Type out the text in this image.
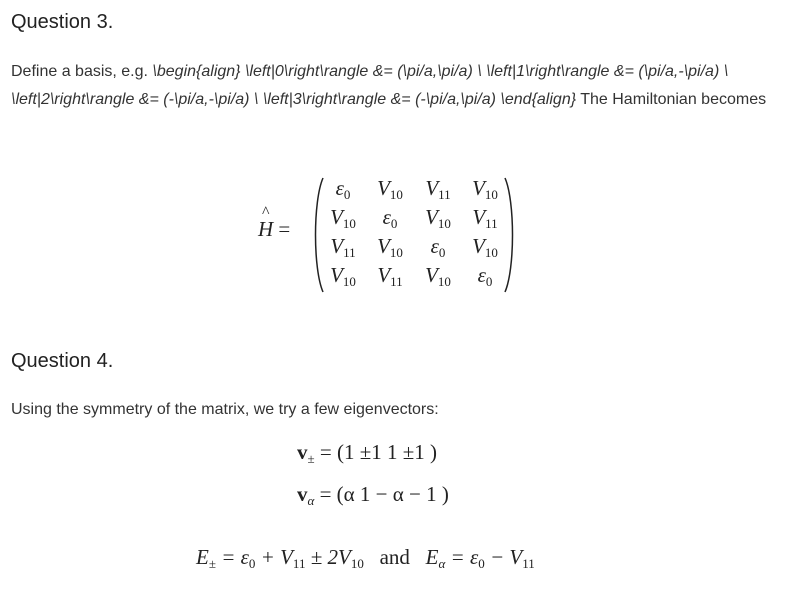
Question 3.

Define a basis, e.g. \begin{align} \left|0\right\rangle &= (\pi/a,\pi/a) \ \left|1\right\rangle &= (\pi/a,-\pi/a) \ \left|2\right\rangle &= (-\pi/a,-\pi/a) \ \left|3\right\rangle &= (-\pi/a,\pi/a) \end{align} The Hamiltonian becomes

^
H =
ε0	V10	V11	V10
V10	ε0	V10	V11
V11	V10	ε0	V10
V10	V11	V10	ε0
Question 4.

Using the symmetry of the matrix, we try a few eigenvectors:

v± = (1 ±1 1 ±1 )
vα = (α 1 − α − 1 )
E± = ε0 + V11 ± 2V10 and Eα = ε0 − V11
